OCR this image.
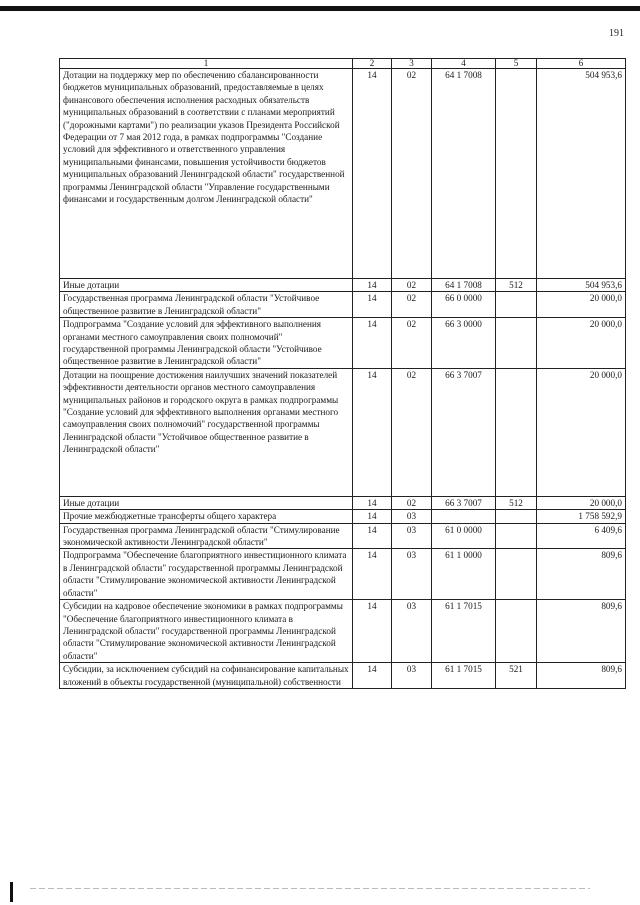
191
1	2	3	4	5	6
Дотации на поддержку мер по обеспечению сбалансированности бюджетов муниципальных образований, предоставляемые в целях финансового обеспечения исполнения расходных обязательств муниципальных образований в соответствии с планами мероприятий ("дорожными картами") по реализации указов Президента Российской Федерации от 7 мая 2012 года, в рамках подпрограммы "Создание условий для эффективного и ответственного управления муниципальными финансами, повышения устойчивости бюджетов муниципальных образований Ленинградской области" государственной программы Ленинградской области "Управление государственными финансами и государственным долгом Ленинградской области"	14	02	64 1 7008		504 953,6
Иные дотации	14	02	64 1 7008	512	504 953,6
Государственная программа Ленинградской области "Устойчивое общественное развитие в Ленинградской области"	14	02	66 0 0000		20 000,0
Подпрограмма "Создание условий для эффективного выполнения органами местного самоуправления своих полномочий" государственной программы Ленинградской области "Устойчивое общественное развитие в Ленинградской области"	14	02	66 3 0000		20 000,0
Дотации на поощрение достижения наилучших значений показателей эффективности деятельности органов местного самоуправления муниципальных районов и городского округа в рамках подпрограммы "Создание условий для эффективного выполнения органами местного самоуправления своих полномочий" государственной программы Ленинградской области "Устойчивое общественное развитие в Ленинградской области"	14	02	66 3 7007		20 000,0
Иные дотации	14	02	66 3 7007	512	20 000,0
Прочие межбюджетные трансферты общего характера	14	03			1 758 592,9
Государственная программа Ленинградской области "Стимулирование экономической активности Ленинградской области"	14	03	61 0 0000		6 409,6
Подпрограмма "Обеспечение благоприятного инвестиционного климата в Ленинградской области" государственной программы Ленинградской области "Стимулирование экономической активности Ленинградской области"	14	03	61 1 0000		809,6
Субсидии на кадровое обеспечение экономики в рамках подпрограммы "Обеспечение благоприятного инвестиционного климата в Ленинградской области" государственной программы Ленинградской области "Стимулирование экономической активности Ленинградской области"	14	03	61 1 7015		809,6
Субсидии, за исключением субсидий на софинансирование капитальных вложений в объекты государственной (муниципальной) собственности	14	03	61 1 7015	521	809,6
